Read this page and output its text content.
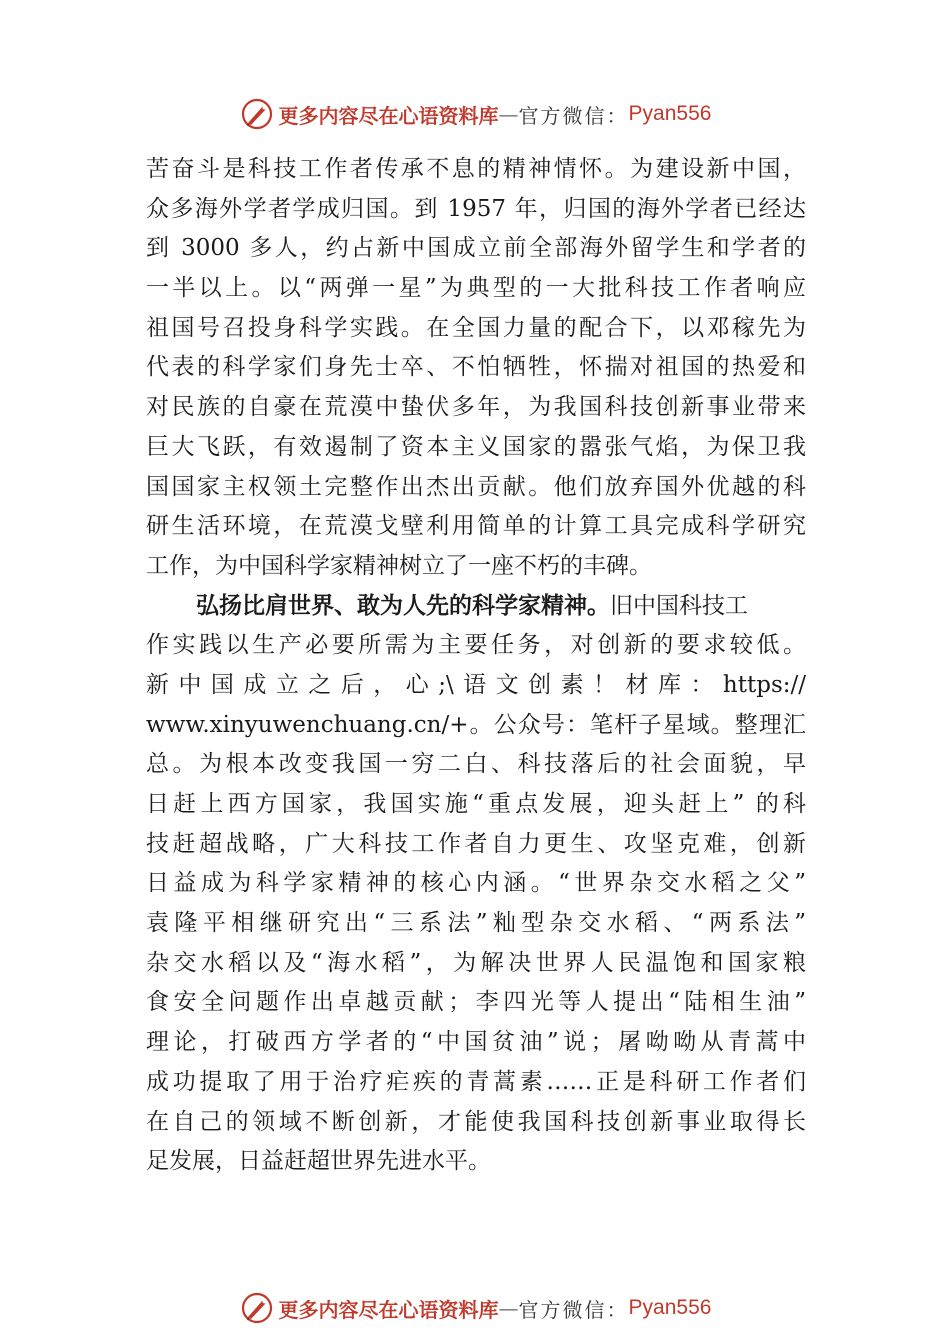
更多内容尽在心语资料库 — 官方微信： Pyan556
苦奋斗是科技工作者传承不息的精神情怀。为建设新中国，
众多海外学者学成归国。到 1957 年，归国的海外学者已经达
到 3000 多人，约占新中国成立前全部海外留学生和学者的
一半以上。以“两弹一星”为典型的一大批科技工作者响应
祖国号召投身科学实践。在全国力量的配合下，以邓稼先为
代表的科学家们身先士卒、不怕牺牲，怀揣对祖国的热爱和
对民族的自豪在荒漠中蛰伏多年，为我国科技创新事业带来
巨大飞跃，有效遏制了资本主义国家的嚣张气焰，为保卫我
国国家主权领土完整作出杰出贡献。他们放弃国外优越的科
研生活环境，在荒漠戈壁利用简单的计算工具完成科学研究
工作，为中国科学家精神树立了一座不朽的丰碑。
弘扬比肩世界、敢为人先的科学家精神。旧中国科技工
作实践以生产必要所需为主要任务，对创新的要求较低。
新中国成立之后，心;\语文创素！材库：https://
www.xinyuwenchuang.cn/+。公众号：笔杆子星域。整理汇
总。为根本改变我国一穷二白、科技落后的社会面貌，早
日赶上西方国家，我国实施“重点发展，迎头赶上” 的科
技赶超战略，广大科技工作者自力更生、攻坚克难，创新
日益成为科学家精神的核心内涵。“世界杂交水稻之父”
袁隆平相继研究出“三系法”籼型杂交水稻、“两系法”
杂交水稻以及“海水稻”，为解决世界人民温饱和国家粮
食安全问题作出卓越贡献；李四光等人提出“陆相生油”
理论，打破西方学者的“中国贫油”说；屠呦呦从青蒿中
成功提取了用于治疗疟疾的青蒿素……正是科研工作者们
在自己的领域不断创新，才能使我国科技创新事业取得长
足发展，日益赶超世界先进水平。
更多内容尽在心语资料库 — 官方微信： Pyan556
